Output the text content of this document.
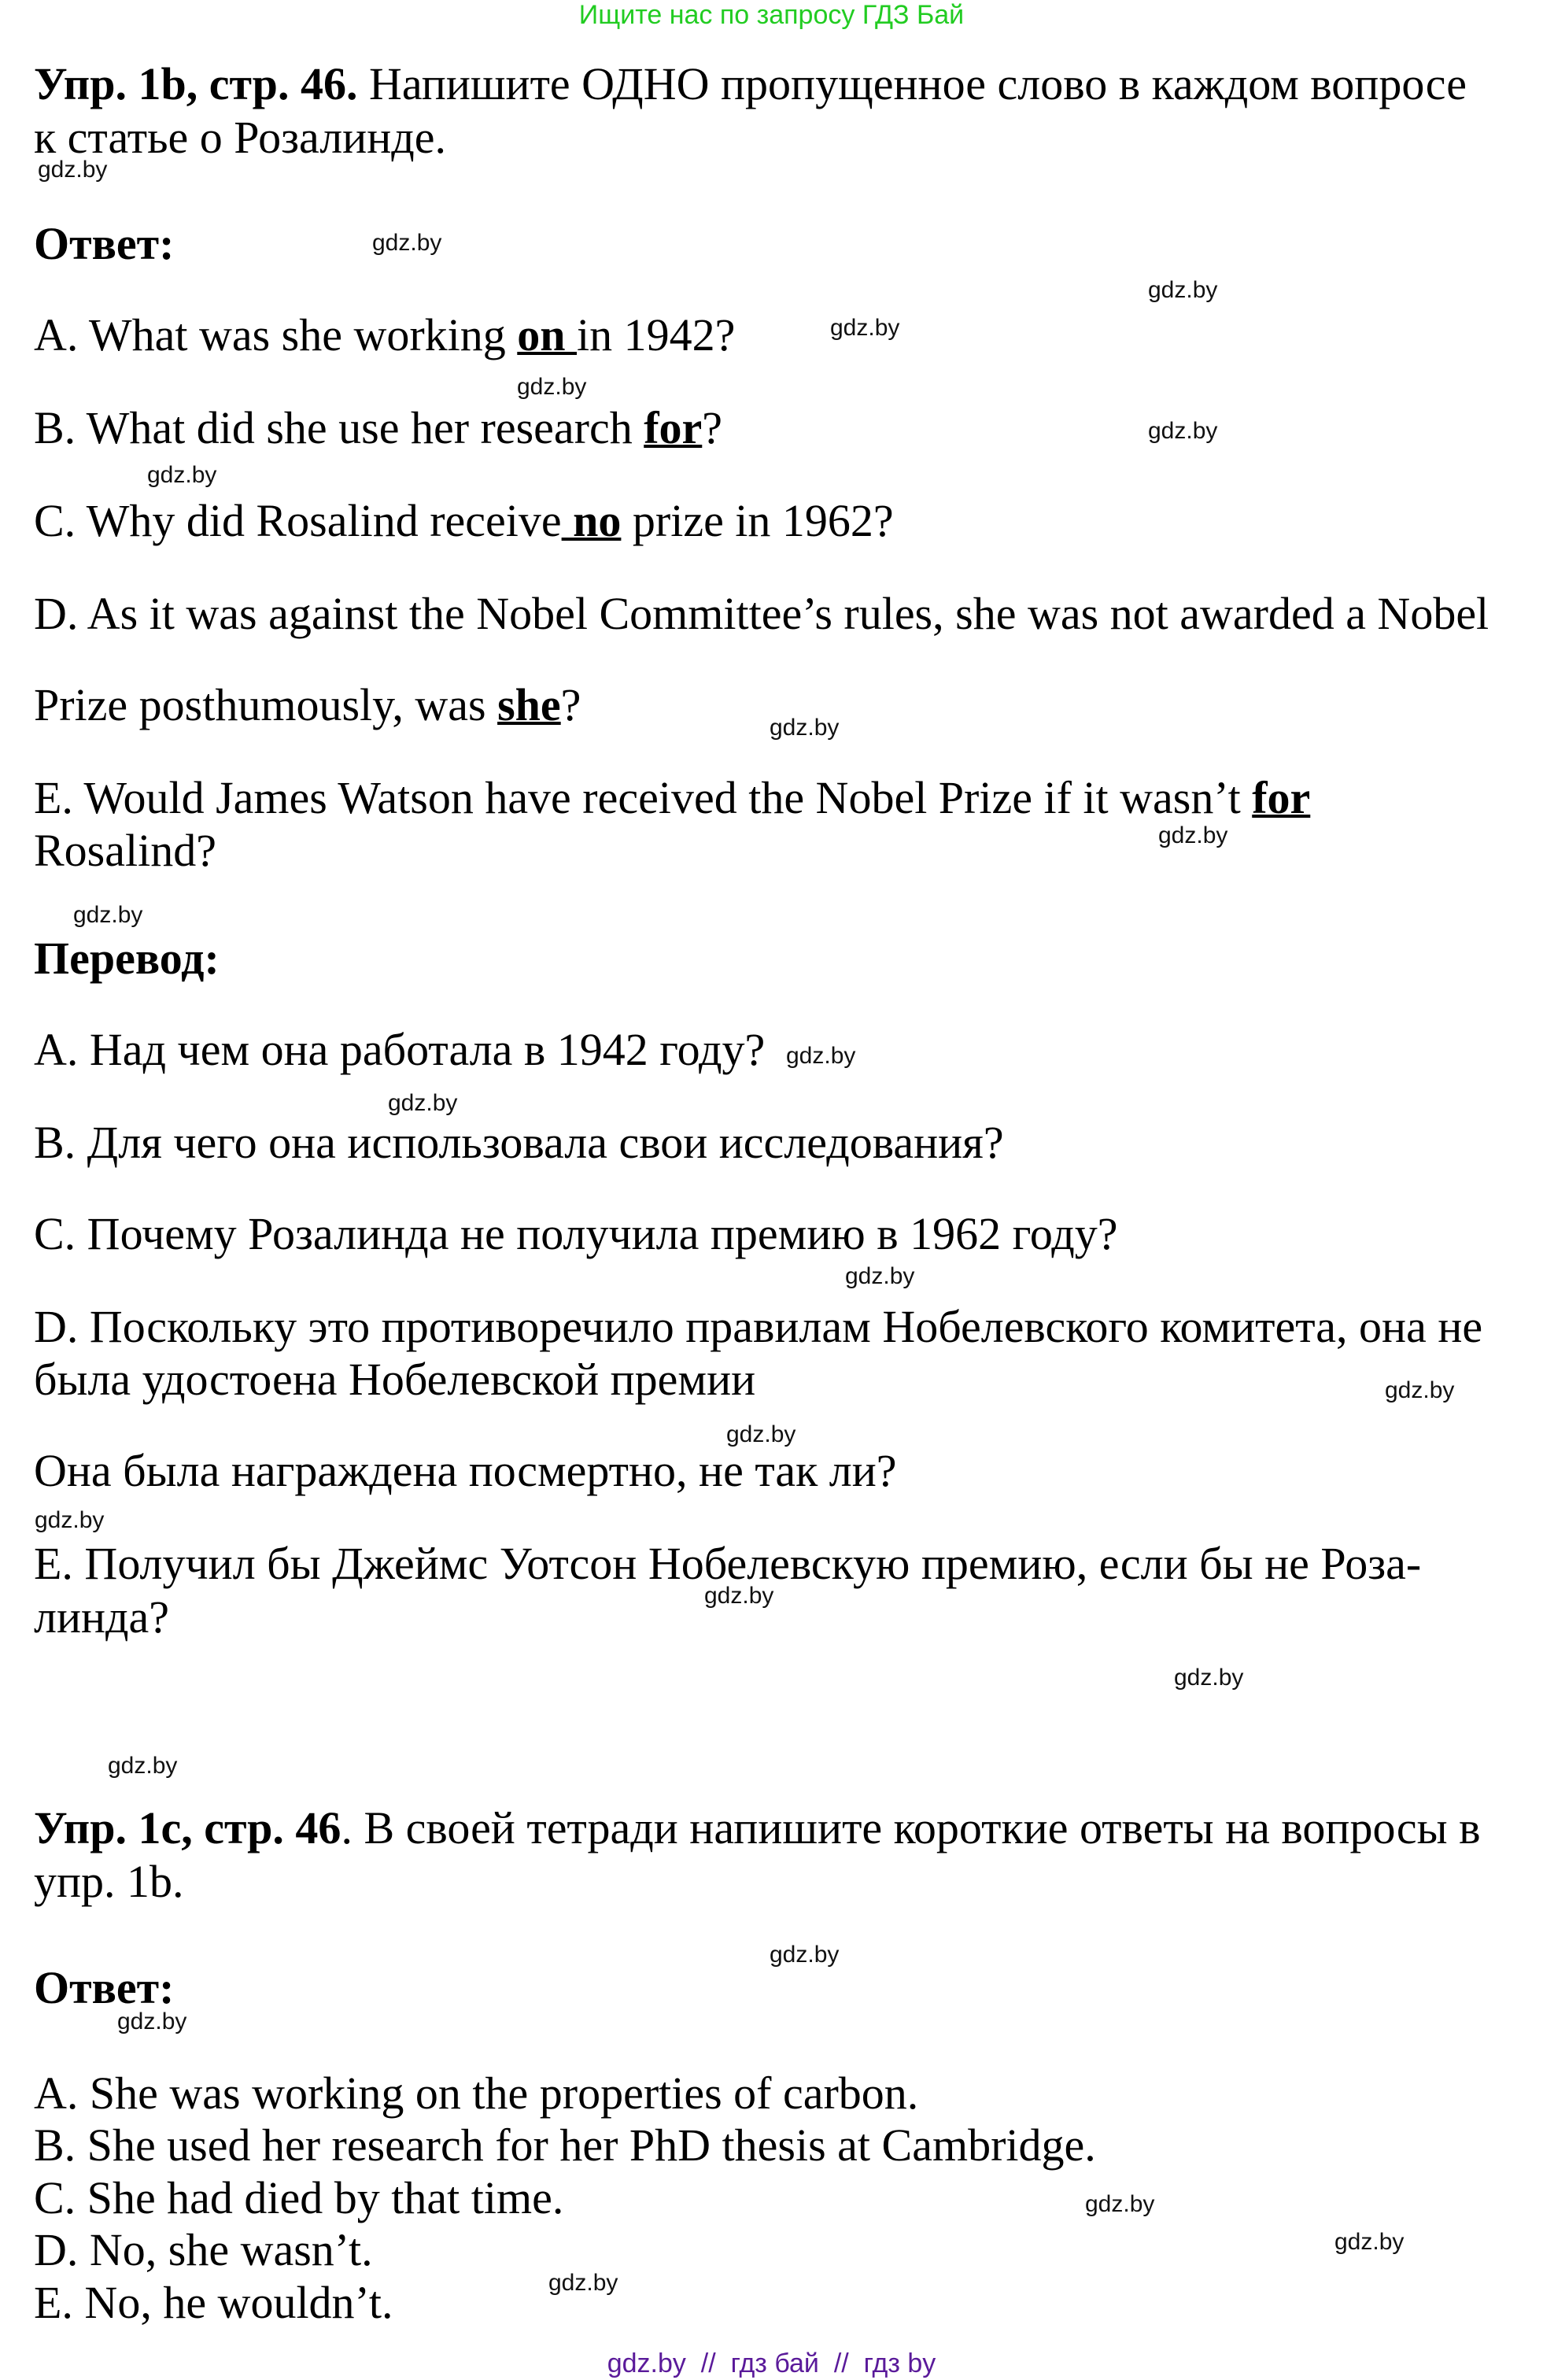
Ищите нас по запросу ГДЗ Бай
Упр. 1b, стр. 46. Напишите ОДНО пропущенное слово в каждом вопросе
к статье о Розалинде.
Ответ:
A. What was she working on in 1942?
B. What did she use her research for?
C. Why did Rosalind receive no prize in 1962?
D. As it was against the Nobel Committee’s rules, she was not awarded a Nobel
Prize posthumously, was she?
E. Would James Watson have received the Nobel Prize if it wasn’t for
Rosalind?
Перевод:
A. Над чем она работала в 1942 году?
B. Для чего она использовала свои исследования?
C. Почему Розалинда не получила премию в 1962 году?
D. Поскольку это противоречило правилам Нобелевского комитета, она не
была удостоена Нобелевской премии
Она была награждена посмертно, не так ли?
E. Получил бы Джеймс Уотсон Нобелевскую премию, если бы не Роза-
линда?
Упр. 1c, стр. 46. В своей тетради напишите короткие ответы на вопросы в
упр. 1b.
Ответ:
A. She was working on the properties of carbon.
B. She used her research for her PhD thesis at Cambridge.
C. She had died by that time.
D. No, she wasn’t.
E. No, he wouldn’t.
gdz.by
gdz.by
gdz.by
gdz.by
gdz.by
gdz.by
gdz.by
gdz.by
gdz.by
gdz.by
gdz.by
gdz.by
gdz.by
gdz.by
gdz.by
gdz.by
gdz.by
gdz.by
gdz.by
gdz.by
gdz.by
gdz.by
gdz.by
gdz.by
gdz.by  //  гдз бай  //  гдз by
